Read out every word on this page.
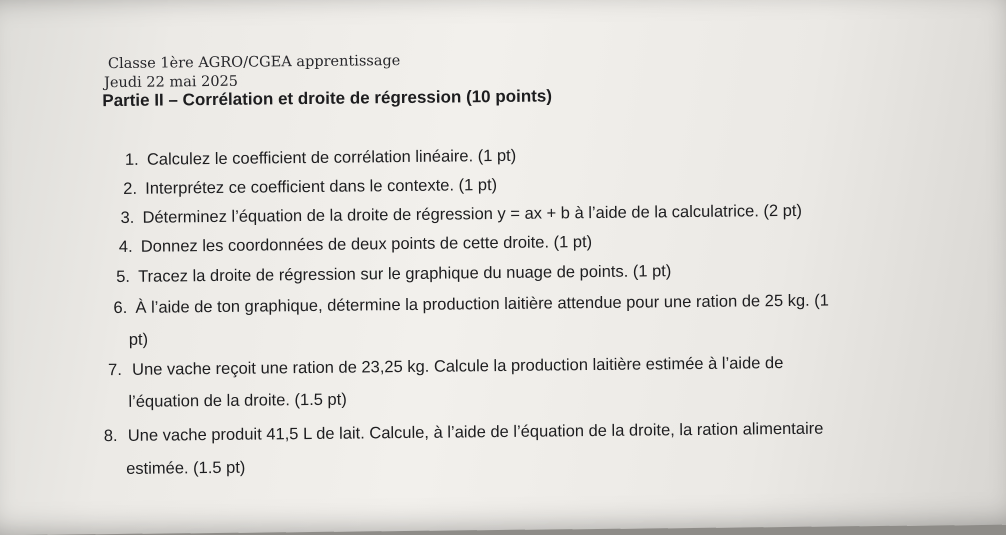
Classe 1ère AGRO/CGEA apprentissage
Jeudi 22 mai 2025
Partie II – Corrélation et droite de régression (10 points)
1. Calculez le coefficient de corrélation linéaire. (1 pt)
2. Interprétez ce coefficient dans le contexte. (1 pt)
3. Déterminez l’équation de la droite de régression y = ax + b à l’aide de la calculatrice. (2 pt)
4. Donnez les coordonnées de deux points de cette droite. (1 pt)
5. Tracez la droite de régression sur le graphique du nuage de points. (1 pt)
6. À l’aide de ton graphique, détermine la production laitière attendue pour une ration de 25 kg. (1
pt)
7. Une vache reçoit une ration de 23,25 kg. Calcule la production laitière estimée à l’aide de
l’équation de la droite. (1.5 pt)
8. Une vache produit 41,5 L de lait. Calcule, à l’aide de l’équation de la droite, la ration alimentaire
estimée. (1.5 pt)
